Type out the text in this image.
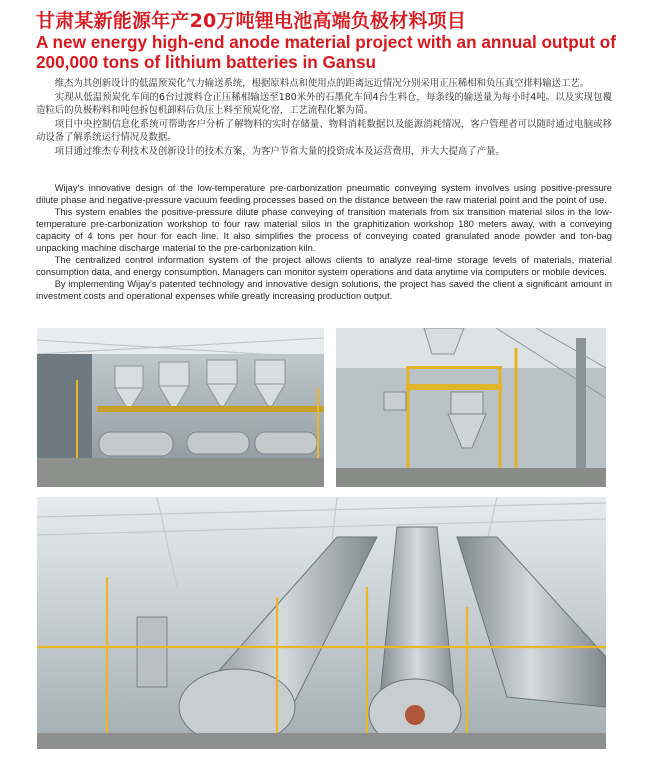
甘肃某新能源年产20万吨锂电池高端负极材料项目
A new energy high-end anode material project with an annual output of 200,000 tons of lithium batteries in Gansu

维杰为其创新设计的低温预炭化气力输送系统，根据原料点和使用点的距离远近情况分别采用正压稀相和负压真空排料输送工艺。

实现从低温预炭化车间的6台过渡料仓正压稀相输送至180米外的石墨化车间4台生料仓，每条线的输送量为每小时4吨。以及实现包覆造粒后的负极粉料和吨包拆包机卸料后负压上料至预炭化窑，工艺流程化繁为简。

项目中央控制信息化系统可帮助客户分析了解物料的实时存储量、物料消耗数据以及能源消耗情况，客户管理者可以随时通过电脑或移动设备了解系统运行情况及数据。

项目通过维杰专利技术及创新设计的技术方案，为客户节省大量的投资成本及运营费用，并大大提高了产量。

Wijay's innovative design of the low-temperature pre-carbonization pneumatic conveying system involves using positive-pressure dilute phase and negative-pressure vacuum feeding processes based on the distance between the raw material point and the point of use.

This system enables the positive-pressure dilute phase conveying of transition materials from six transition material silos in the low-temperature pre-carbonization workshop to four raw material silos in the graphitization workshop 180 meters away, with a conveying capacity of 4 tons per hour for each line. It also simplifies the process of conveying coated granulated anode powder and ton-bag unpacking machine discharge material to the pre-carbonization kiln.

The centralized control information system of the project allows clients to analyze real-time storage levels of materials, material consumption data, and energy consumption. Managers can monitor system operations and data anytime via computers or mobile devices.

By implementing Wijay's patented technology and innovative design solutions, the project has saved the client a significant amount in investment costs and operational expenses while greatly increasing production output.
